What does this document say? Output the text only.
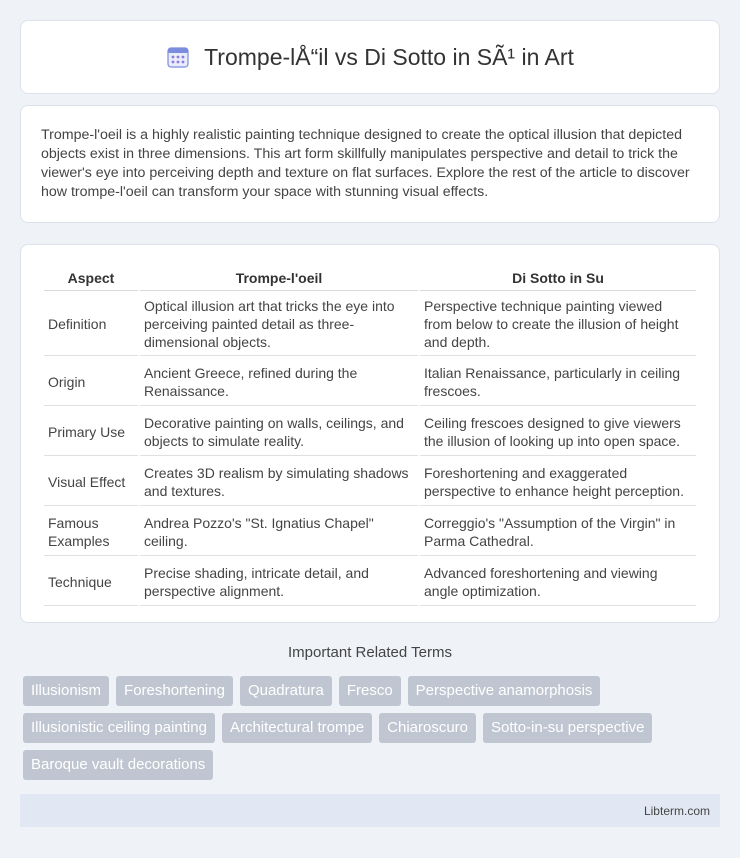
Trompe-lÅ“il vs Di Sotto in SÃ¹ in Art

Trompe-l'oeil is a highly realistic painting technique designed to create the optical illusion that depicted objects exist in three dimensions. This art form skillfully manipulates perspective and detail to trick the viewer's eye into perceiving depth and texture on flat surfaces. Explore the rest of the article to discover how trompe-l'oeil can transform your space with stunning visual effects.

Aspect	Trompe-l'oeil	Di Sotto in Su
Definition	Optical illusion art that tricks the eye into perceiving painted detail as three-dimensional objects.	Perspective technique painting viewed from below to create the illusion of height and depth.
Origin	Ancient Greece, refined during the Renaissance.	Italian Renaissance, particularly in ceiling frescoes.
Primary Use	Decorative painting on walls, ceilings, and objects to simulate reality.	Ceiling frescoes designed to give viewers the illusion of looking up into open space.
Visual Effect	Creates 3D realism by simulating shadows and textures.	Foreshortening and exaggerated perspective to enhance height perception.
Famous Examples	Andrea Pozzo's "St. Ignatius Chapel" ceiling.	Correggio's "Assumption of the Virgin" in Parma Cathedral.
Technique	Precise shading, intricate detail, and perspective alignment.	Advanced foreshortening and viewing angle optimization.
Important Related Terms
Illusionism	Foreshortening	Quadratura	Fresco	Perspective anamorphosis
Illusionistic ceiling painting	Architectural trompe	Chiaroscuro	Sotto-in-su perspective
Baroque vault decorations
Libterm.com
